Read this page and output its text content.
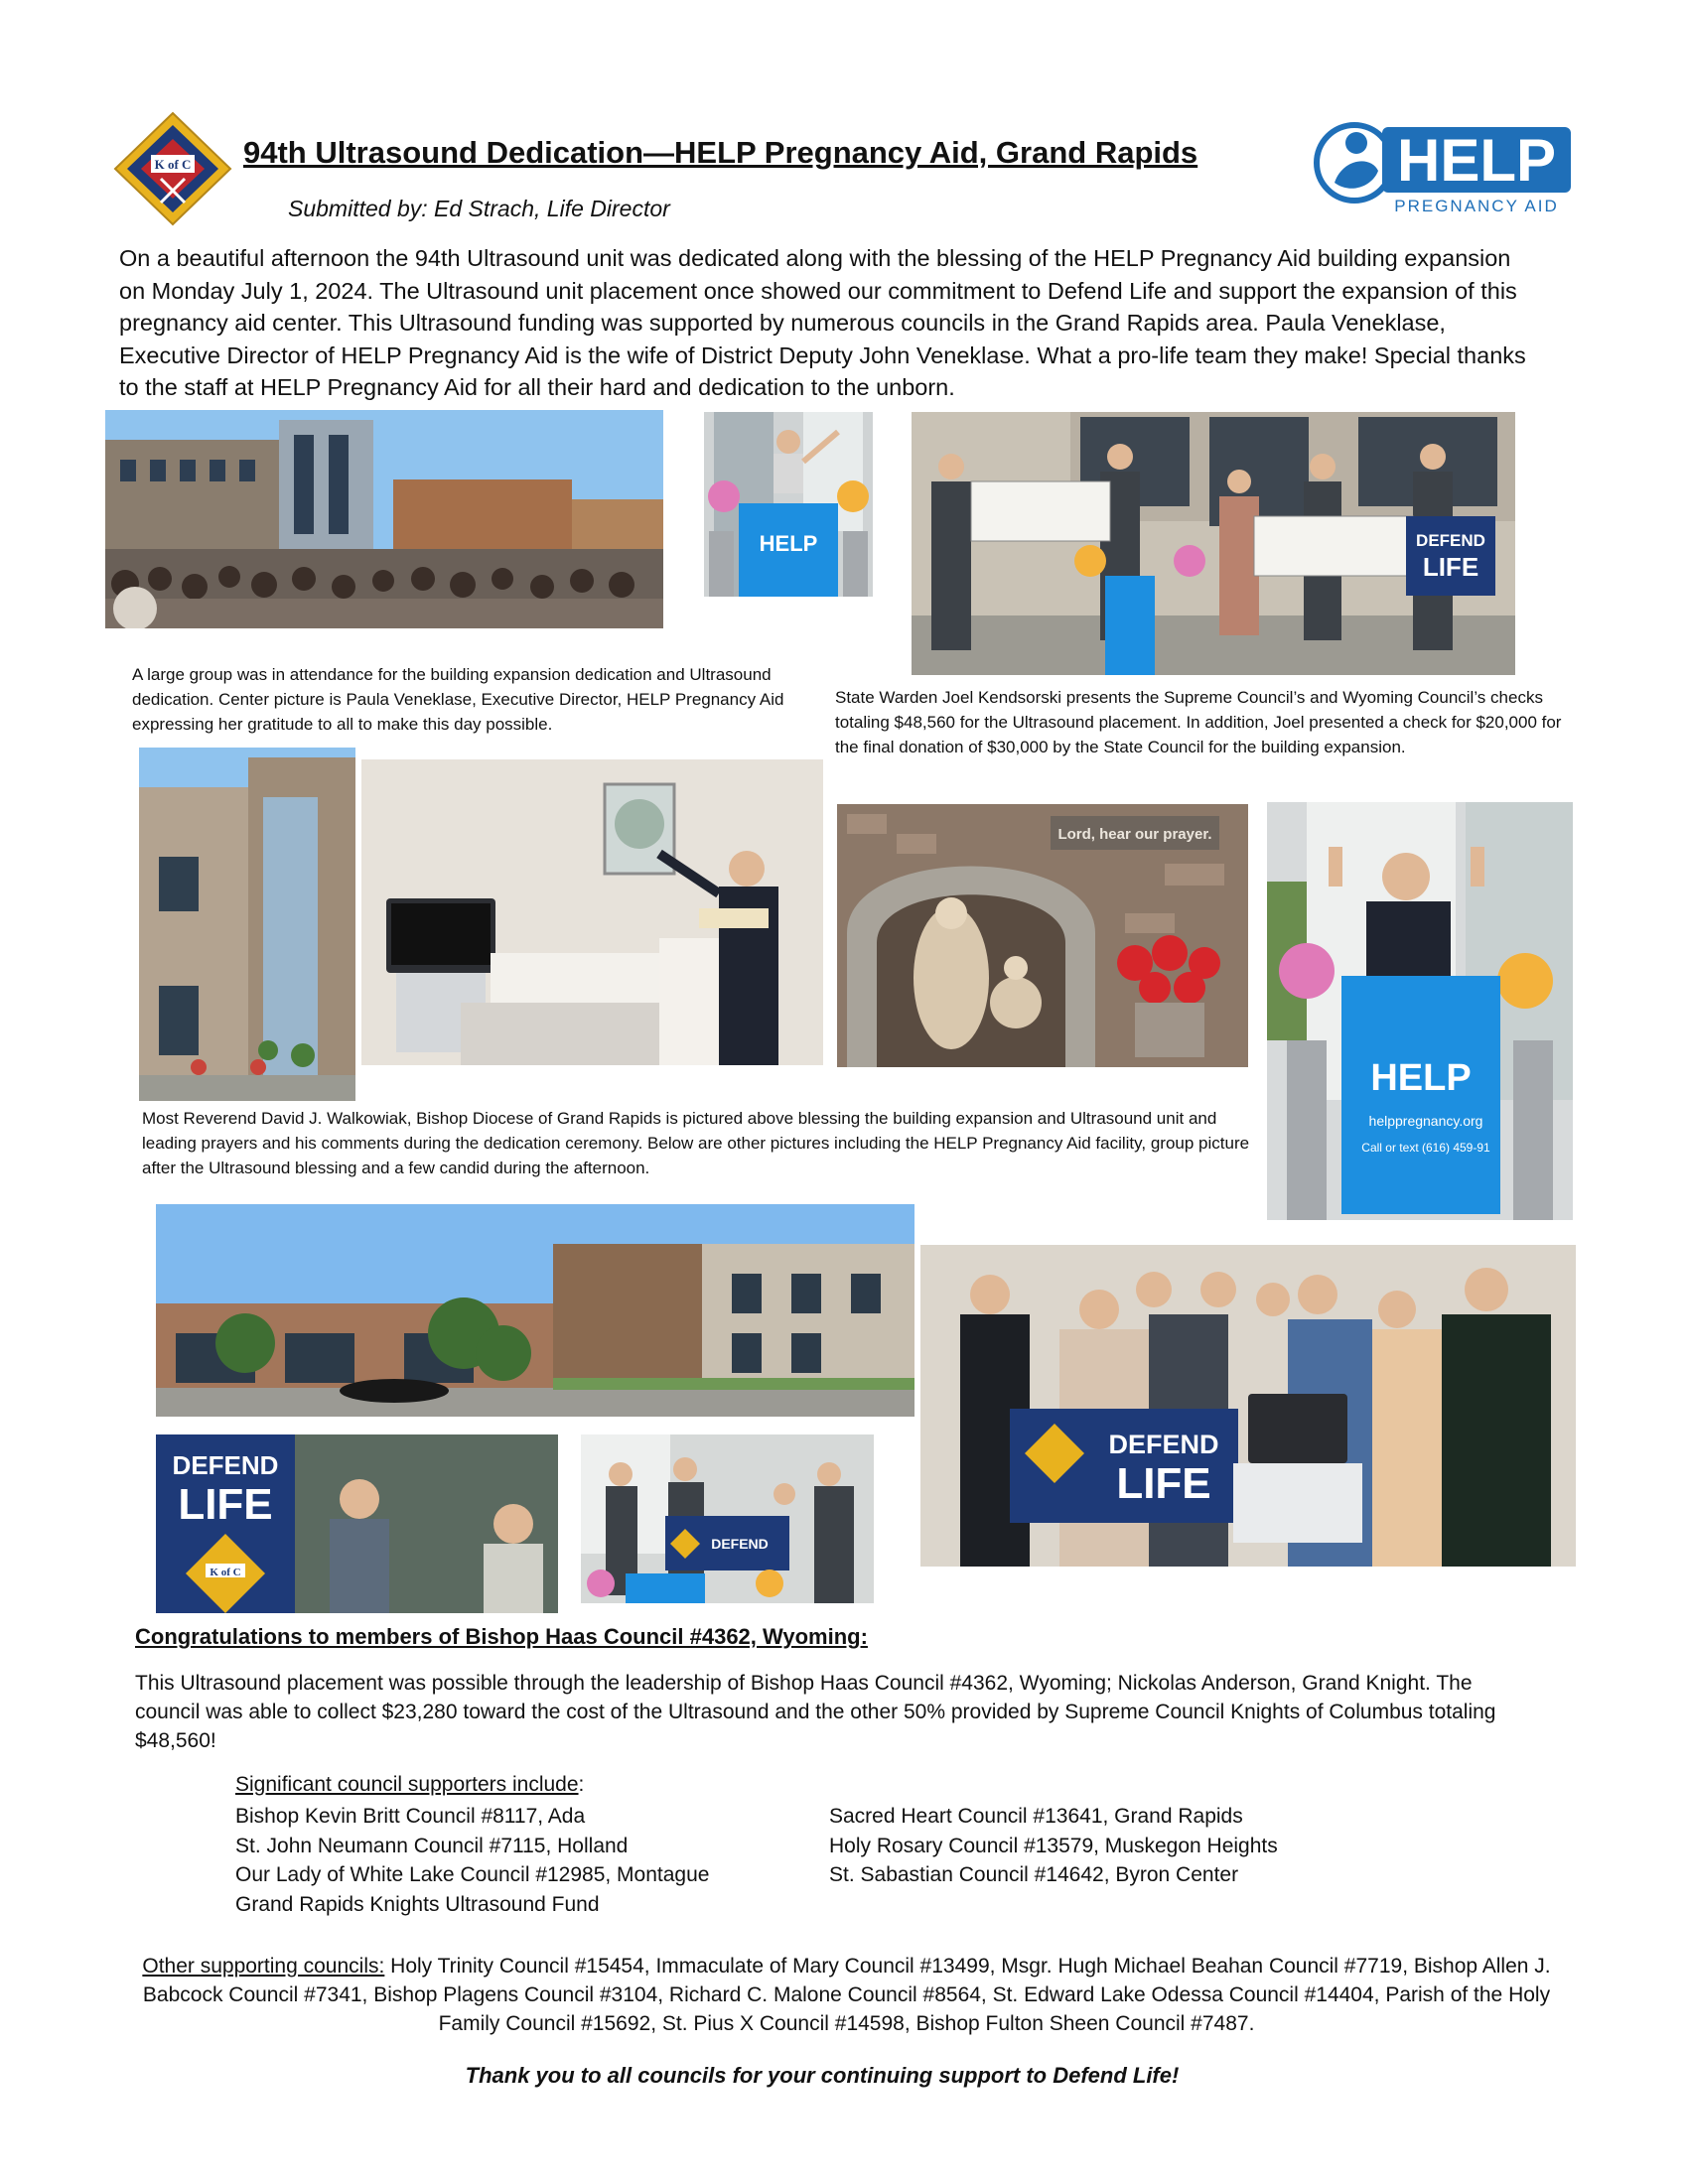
K of C 94th Ultrasound Dedication—HELP Pregnancy Aid, Grand Rapids
Submitted by: Ed Strach, Life Director
HELP
PREGNANCY AID
On a beautiful afternoon the 94th Ultrasound unit was dedicated along with the blessing of the HELP Pregnancy Aid building expansion on Monday July 1, 2024. The Ultrasound unit placement once showed our commitment to Defend Life and support the expansion of this pregnancy aid center. This Ultrasound funding was supported by numerous councils in the Grand Rapids area. Paula Veneklase, Executive Director of HELP Pregnancy Aid is the wife of District Deputy John Veneklase. What a pro-life team they make! Special thanks to the staff at HELP Pregnancy Aid for all their hard and dedication to the unborn.
HELP	DEFEND
LIFE
A large group was in attendance for the building expansion dedication and Ultrasound dedication. Center picture is Paula Veneklase, Executive Director, HELP Pregnancy Aid expressing her gratitude to all to make this day possible.
State Warden Joel Kendsorski presents the Supreme Council’s and Wyoming Council’s checks totaling $48,560 for the Ultrasound placement. In addition, Joel presented a check for $20,000 for the final donation of $30,000 by the State Council for the building expansion.
Lord, hear our prayer.
HELP
helppregnancy.org
Call or text (616) 459-91
Most Reverend David J. Walkowiak, Bishop Diocese of Grand Rapids is pictured above blessing the building expansion and Ultrasound unit and leading prayers and his comments during the dedication ceremony. Below are other pictures including the HELP Pregnancy Aid facility, group picture after the Ultrasound blessing and a few candid during the afternoon.
DEFEND
LIFE
DEFEND
LIFE
K of C
DEFEND
Congratulations to members of Bishop Haas Council #4362, Wyoming:
This Ultrasound placement was possible through the leadership of Bishop Haas Council #4362, Wyoming; Nickolas Anderson, Grand Knight. The council was able to collect $23,280 toward the cost of the Ultrasound and the other 50% provided by Supreme Council Knights of Columbus totaling $48,560!
Significant council supporters include:
Bishop Kevin Britt Council #8117, Ada
St. John Neumann Council #7115, Holland
Our Lady of White Lake Council #12985, Montague
Grand Rapids Knights Ultrasound Fund
Sacred Heart Council #13641, Grand Rapids
Holy Rosary Council #13579, Muskegon Heights
St. Sabastian Council #14642, Byron Center
Other supporting councils: Holy Trinity Council #15454, Immaculate of Mary Council #13499, Msgr. Hugh Michael Beahan Council #7719, Bishop Allen J. Babcock Council #7341, Bishop Plagens Council #3104, Richard C. Malone Council #8564, St. Edward Lake Odessa Council #14404, Parish of the Holy Family Council #15692, St. Pius X Council #14598, Bishop Fulton Sheen Council #7487.
Thank you to all councils for your continuing support to Defend Life!
